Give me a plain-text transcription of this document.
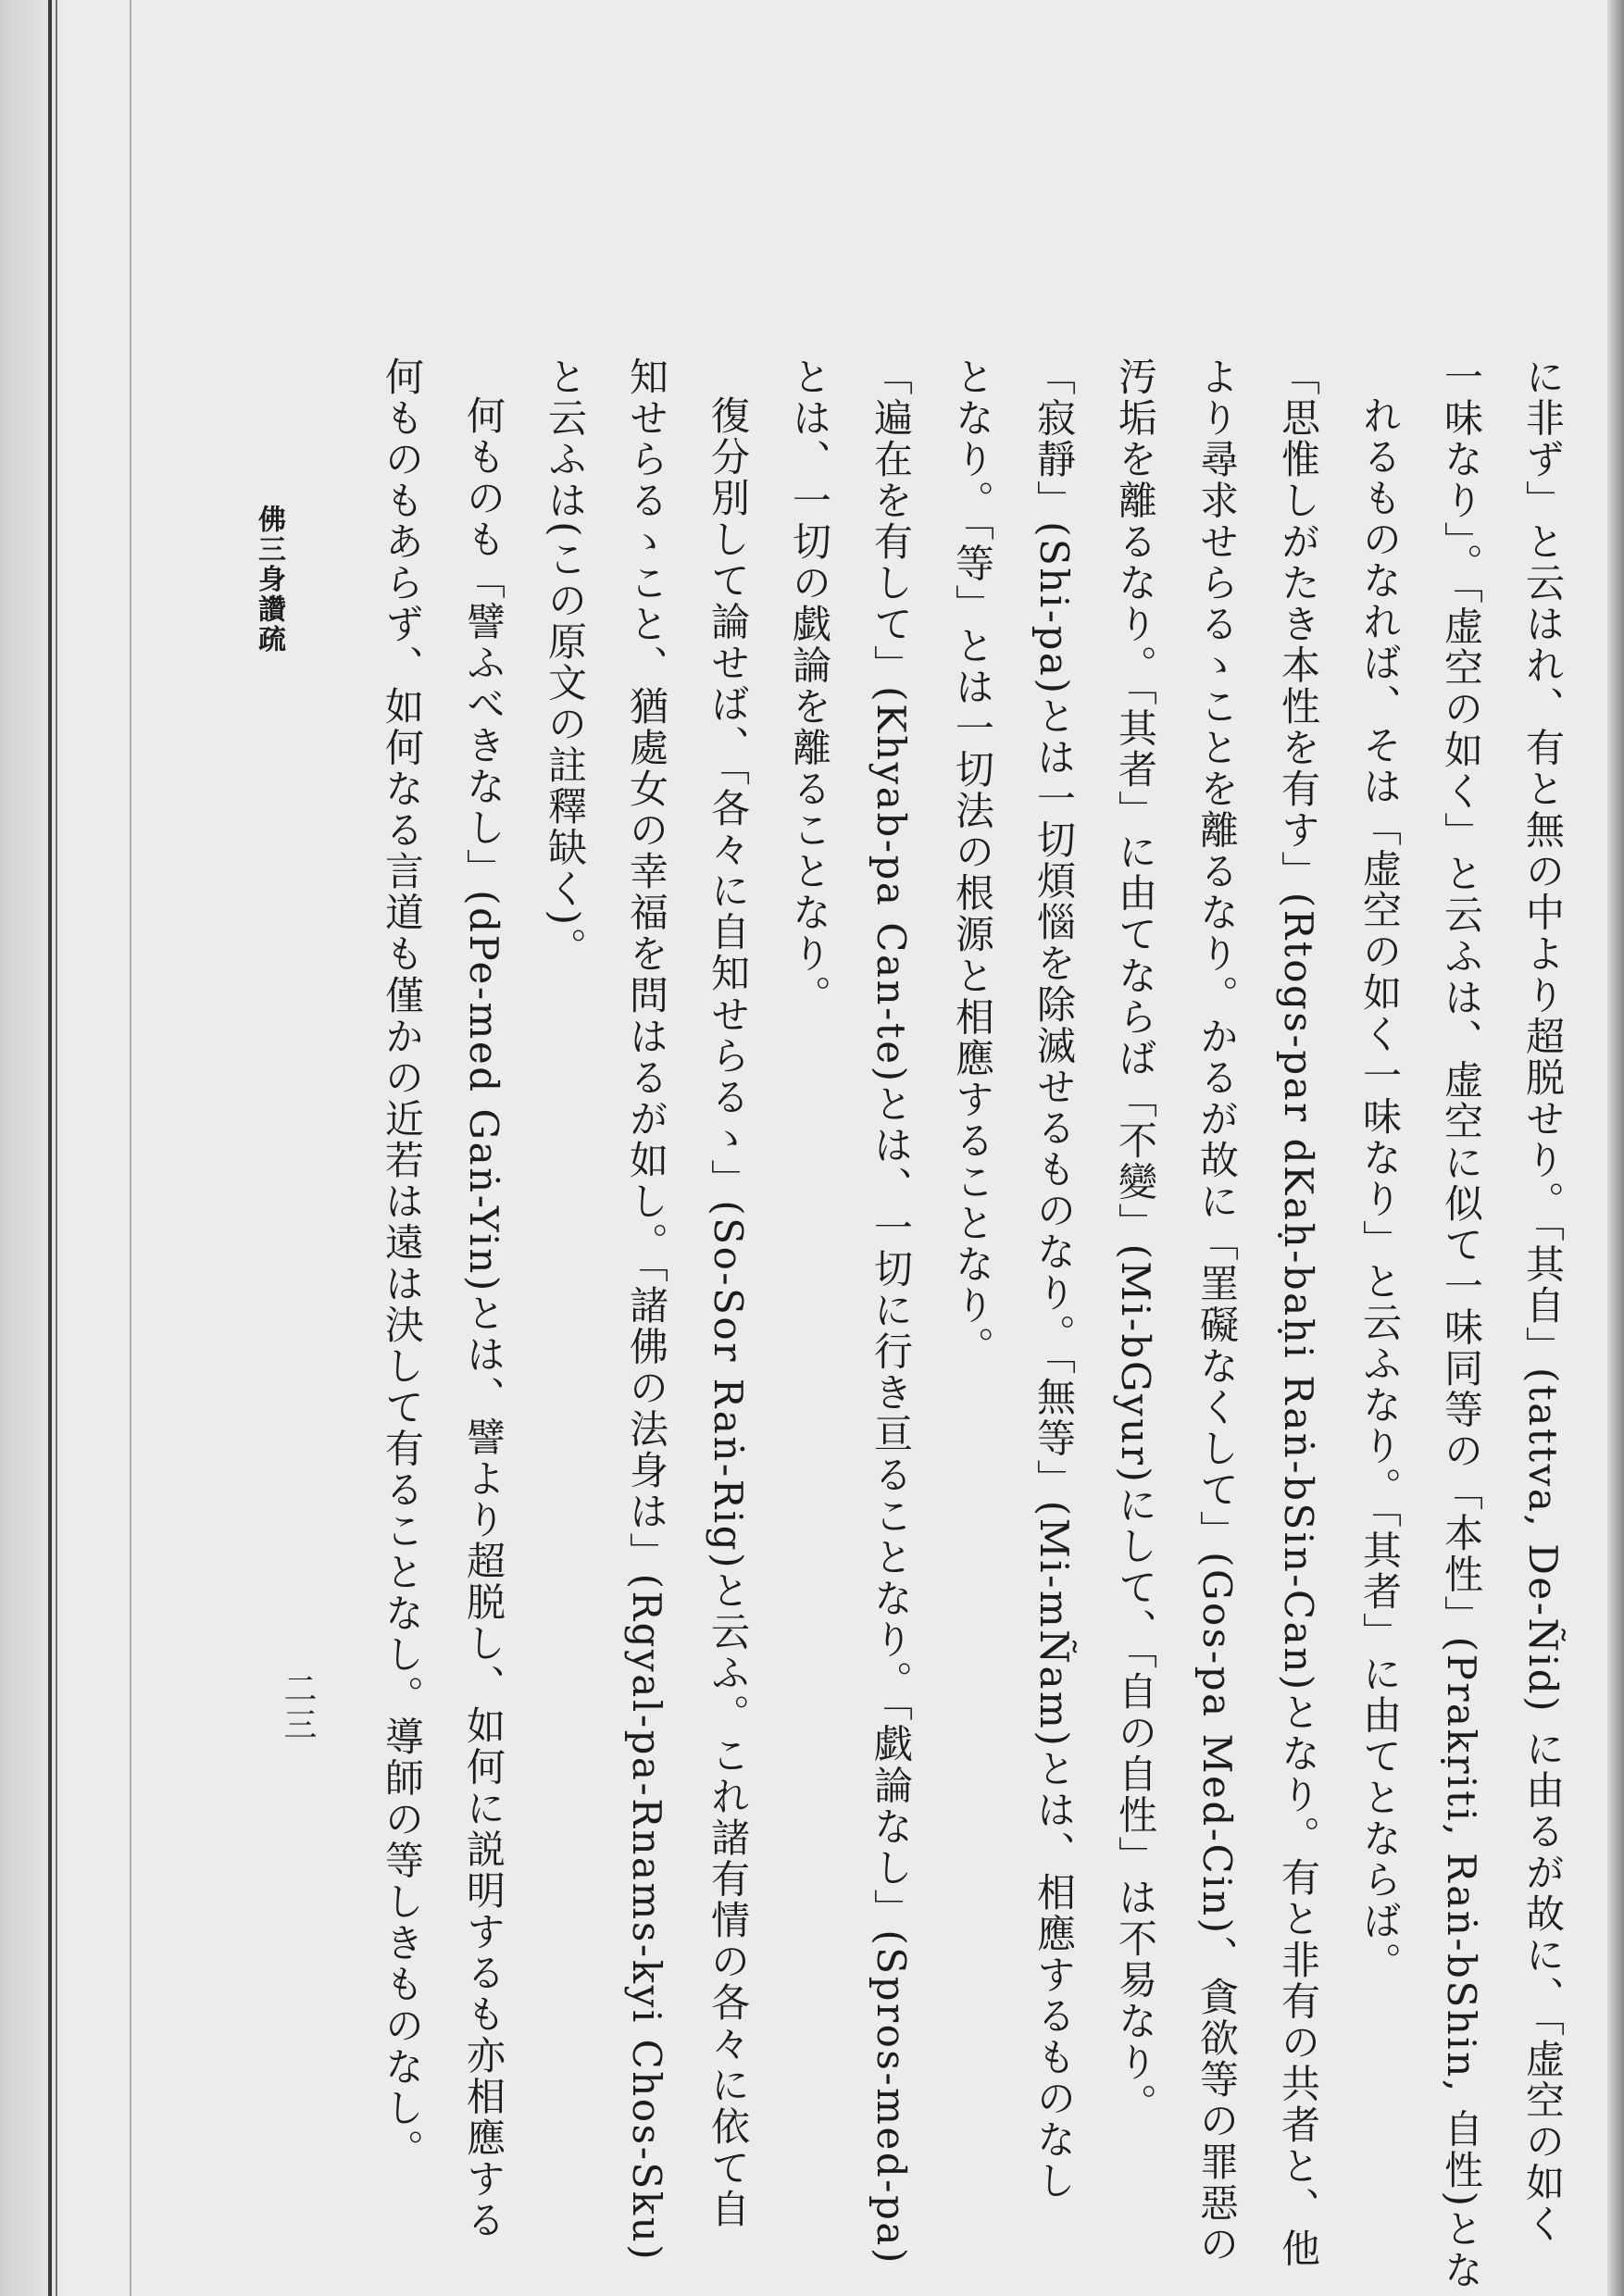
に非ず」と云はれ、有と無の中より超脱せり。「其自」(tattva, De-Ñid) に由るが故に、「虚空の如く
一味なり」。「虚空の如く」と云ふは、虚空に似て一味同等の「本性」(Prakṛiti, Raṅ-bShin, 自性)とな
れるものなれば、そは「虚空の如く一味なり」と云ふなり。「其者」に由てとならば。
「思惟しがたき本性を有す」(Rtogs-par dKaḥ-baḥi Raṅ-bSin-Can)となり。有と非有の共者と、他
より尋求せらるゝことを離るなり。かるが故に「罣礙なくして」(Gos-pa Med-Cin)、貪欲等の罪惡の
汚垢を離るなり。「其者」に由てならば「不變」(Mi-bGyur)にして、「自の自性」は不易なり。
「寂靜」(Shi-pa)とは一切煩惱を除滅せるものなり。「無等」(Mi-mÑam)とは、相應するものなし
となり。「等」とは一切法の根源と相應することなり。
「遍在を有して」(Khyab-pa Can-te)とは、一切に行き亘ることなり。「戯論なし」(Spros-med-pa)
とは、一切の戯論を離ることなり。
復分別して論せば、「各々に自知せらるゝ」(So-Sor Raṅ-Rig)と云ふ。これ諸有情の各々に依て自
知せらるゝこと、猶處女の幸福を問はるが如し。「諸佛の法身は」(Rgyal-pa-Rnams-kyi Chos-Sku)
と云ふは(この原文の註釋缺く)。
何ものも「譬ふべきなし」(dPe-med Gaṅ-Yin)とは、譬より超脱し、如何に説明するも亦相應する
何ものもあらず、如何なる言道も僅かの近若は遠は決して有ることなし。導師の等しきものなし。
佛三身讚疏
二三
